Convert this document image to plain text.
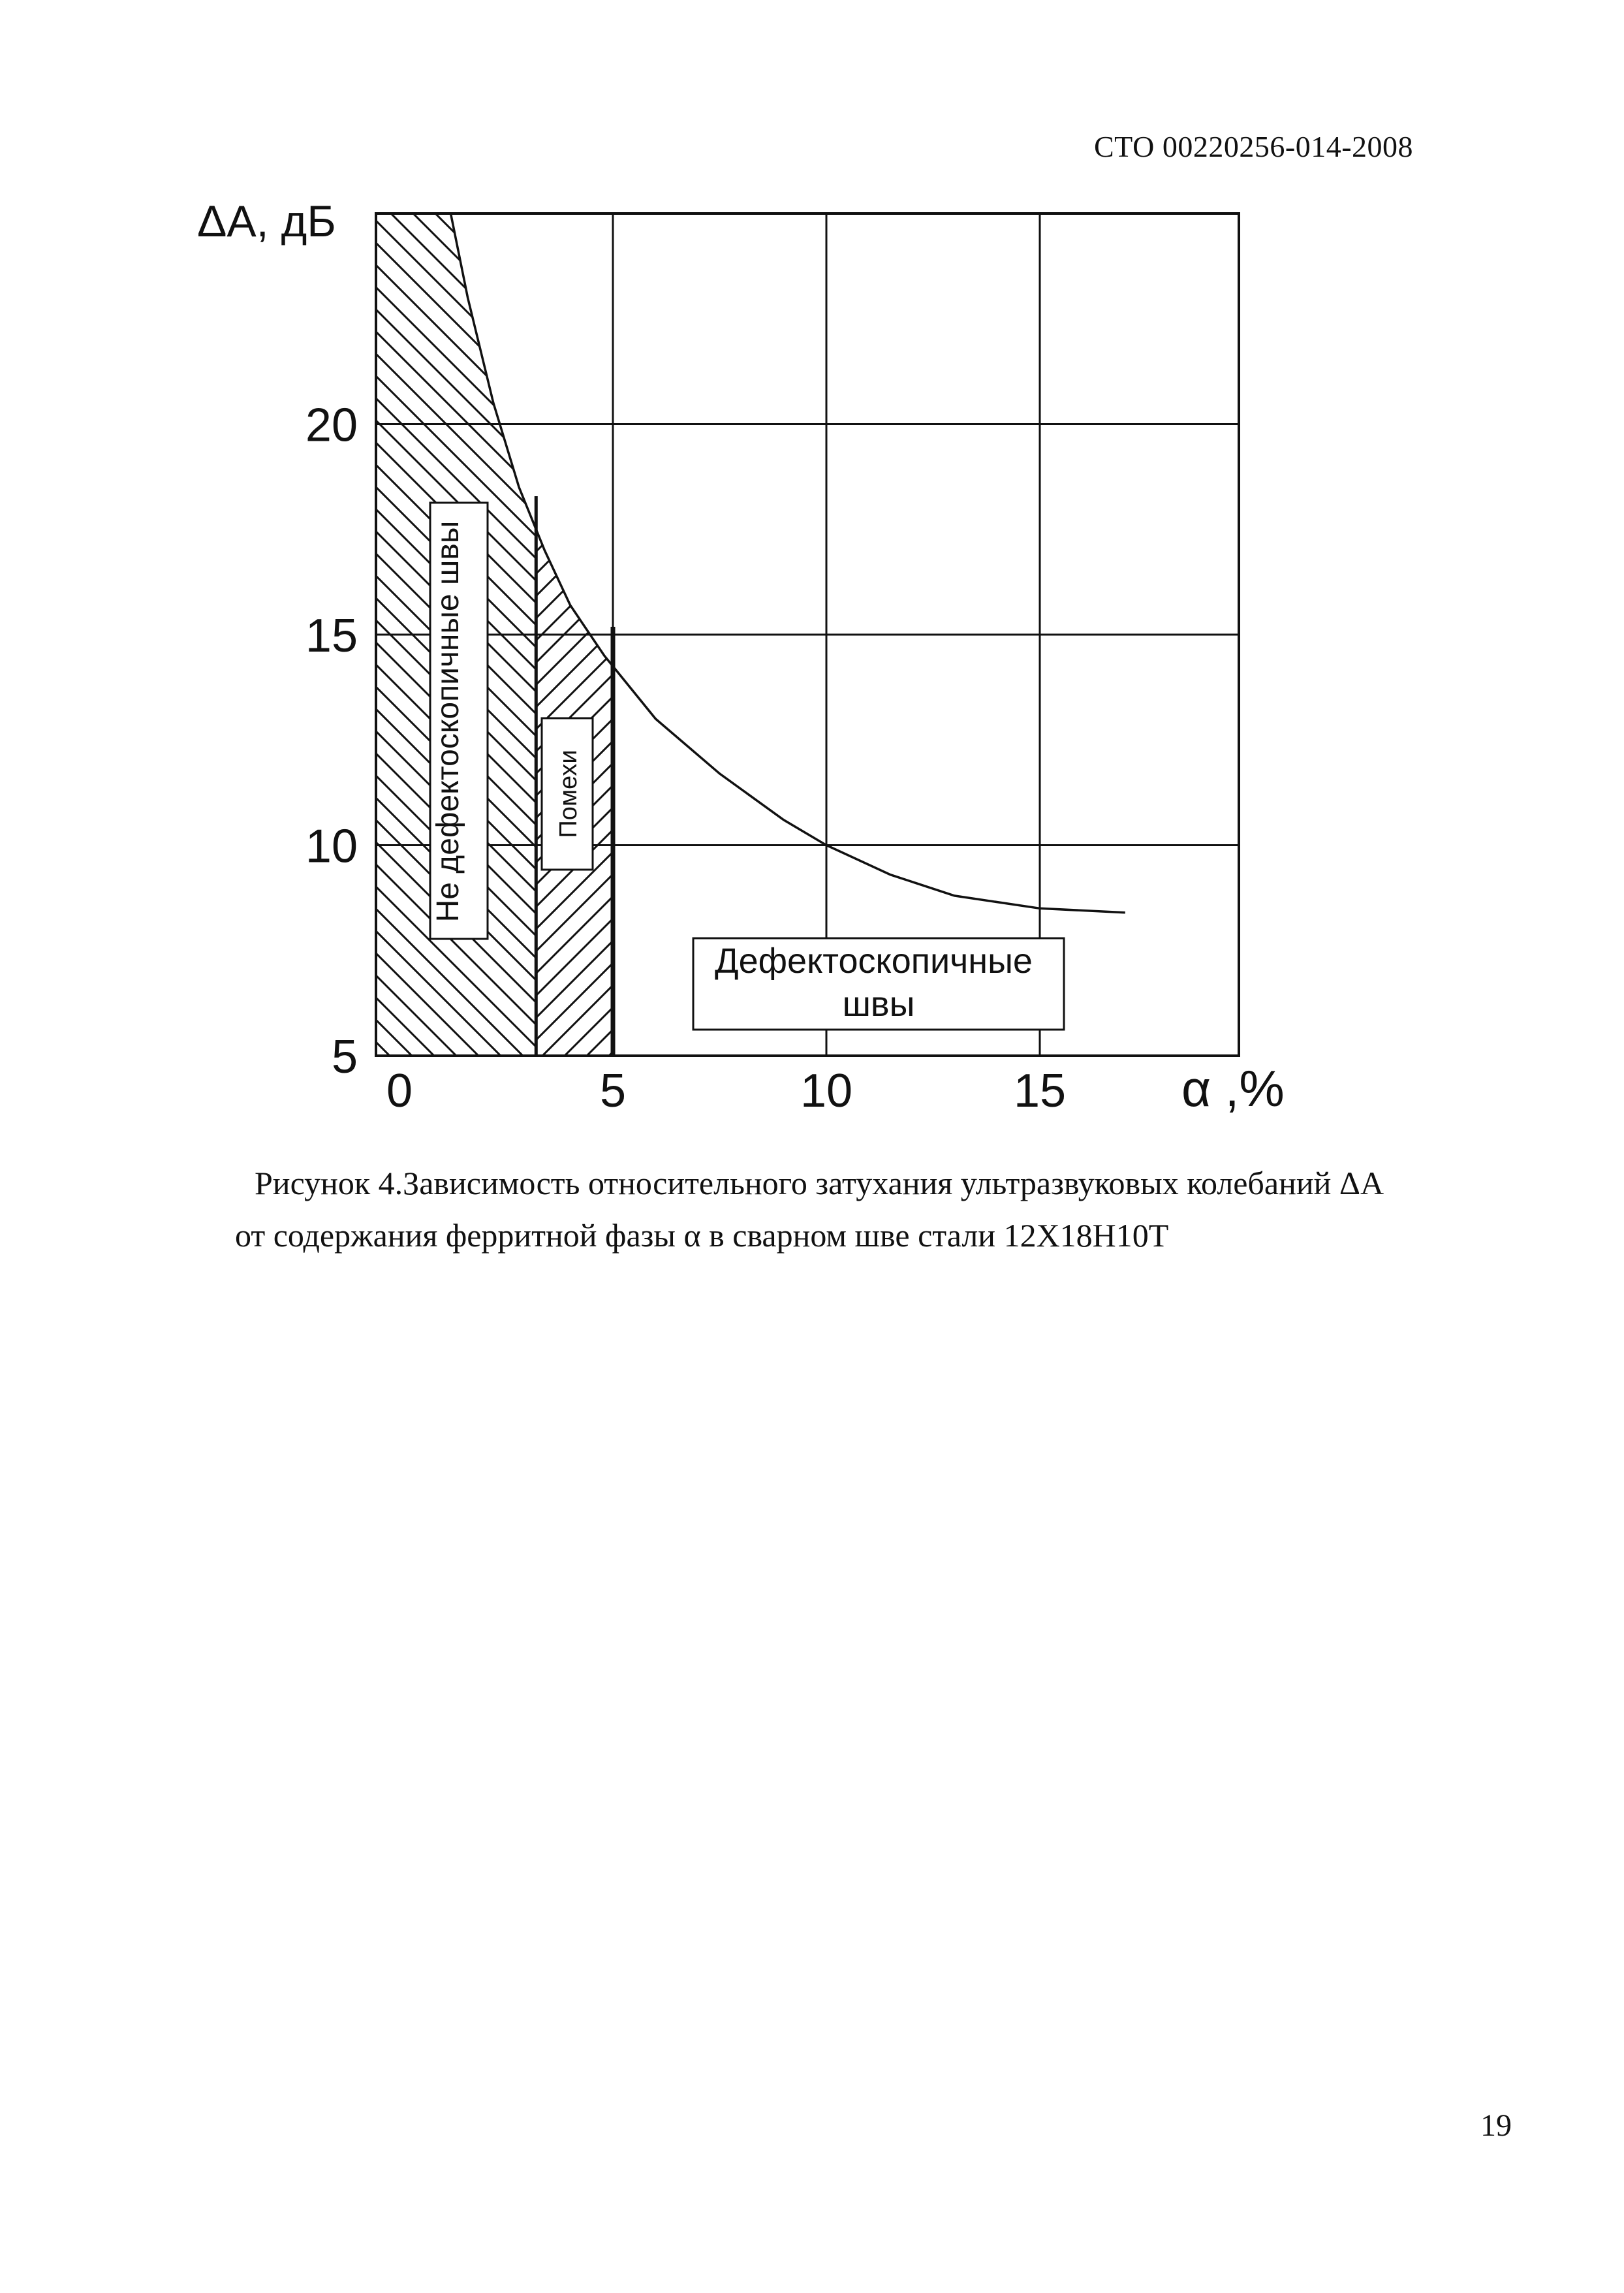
СТО 00220256-014-2008
Не дефектоскопичные швы	Помехи
Дефектоскопичные швы
0	5	10	15
5
10
15
20
ΔA, дБ
α ,%
Рисунок 4.Зависимость относительного затухания ультразвуковых колебаний ΔA
от содержания ферритной фазы α в сварном шве стали 12Х18Н10Т
19
